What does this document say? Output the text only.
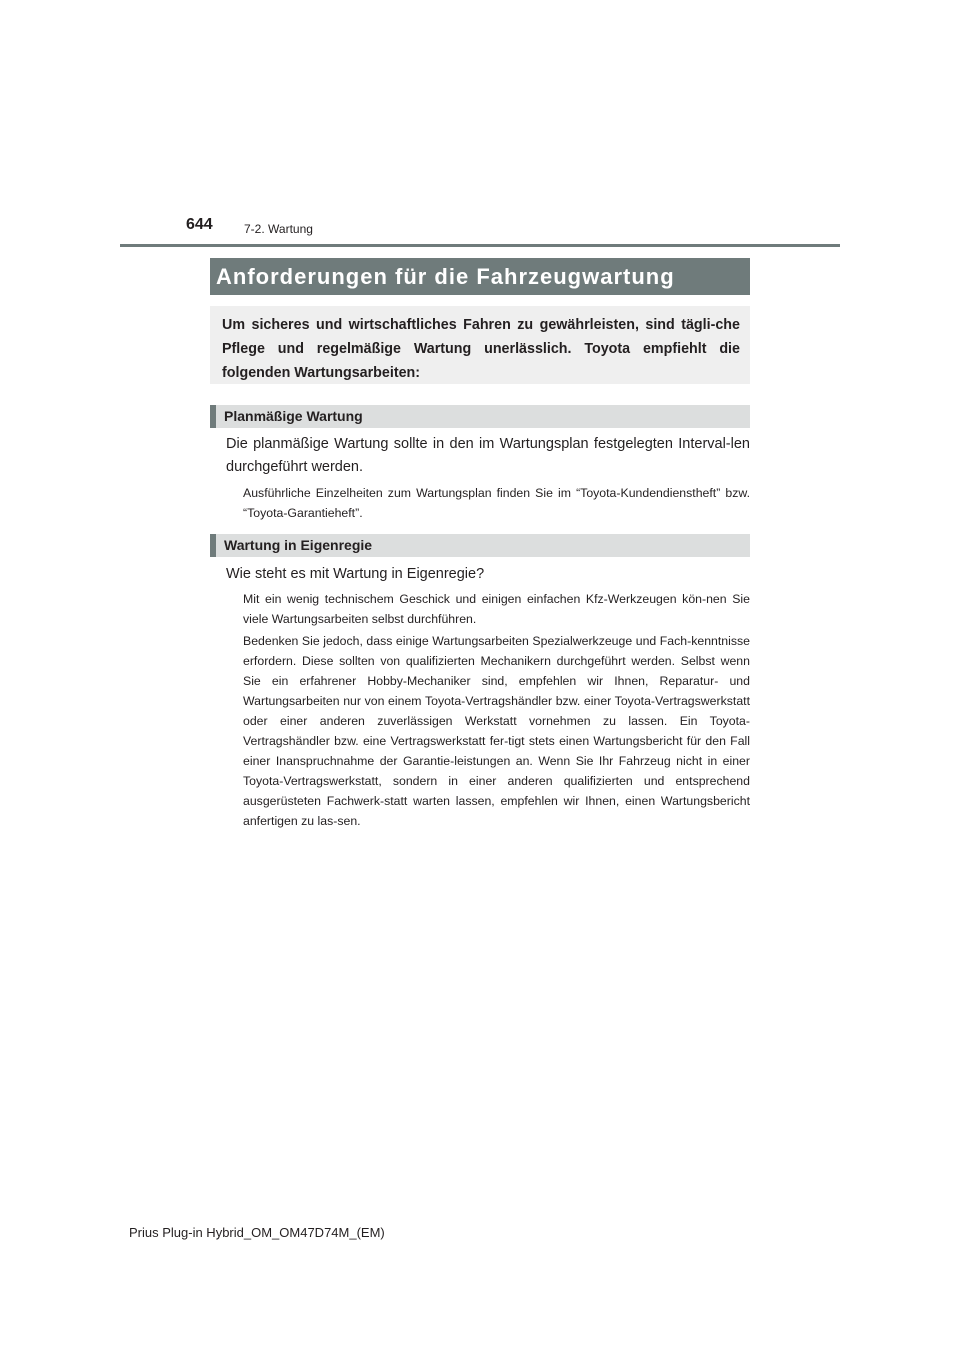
644	7-2. Wartung
Anforderungen für die Fahrzeugwartung
Um sicheres und wirtschaftliches Fahren zu gewährleisten, sind tägli-che Pflege und regelmäßige Wartung unerlässlich. Toyota empfiehlt die folgenden Wartungsarbeiten:
Planmäßige Wartung
Die planmäßige Wartung sollte in den im Wartungsplan festgelegten Interval-len durchgeführt werden.
Ausführliche Einzelheiten zum Wartungsplan finden Sie im “Toyota-Kundendienstheft” bzw. “Toyota-Garantieheft”.
Wartung in Eigenregie
Wie steht es mit Wartung in Eigenregie?
Mit ein wenig technischem Geschick und einigen einfachen Kfz-Werkzeugen kön-nen Sie viele Wartungsarbeiten selbst durchführen.
Bedenken Sie jedoch, dass einige Wartungsarbeiten Spezialwerkzeuge und Fach-kenntnisse erfordern. Diese sollten von qualifizierten Mechanikern durchgeführt werden. Selbst wenn Sie ein erfahrener Hobby-Mechaniker sind, empfehlen wir Ihnen, Reparatur- und Wartungsarbeiten nur von einem Toyota-Vertragshändler bzw. einer Toyota-Vertragswerkstatt oder einer anderen zuverlässigen Werkstatt vornehmen zu lassen. Ein Toyota-Vertragshändler bzw. eine Vertragswerkstatt fer-tigt stets einen Wartungsbericht für den Fall einer Inanspruchnahme der Garantie-leistungen an. Wenn Sie Ihr Fahrzeug nicht in einer Toyota-Vertragswerkstatt, sondern in einer anderen qualifizierten und entsprechend ausgerüsteten Fachwerk-statt warten lassen, empfehlen wir Ihnen, einen Wartungsbericht anfertigen zu las-sen.
Prius Plug-in Hybrid_OM_OM47D74M_(EM)
